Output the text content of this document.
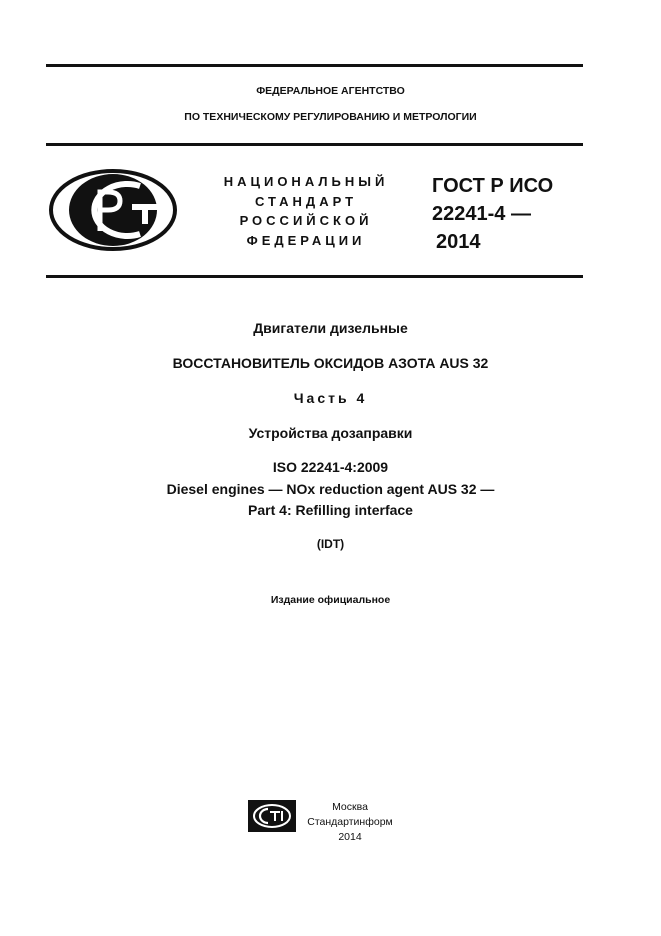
ФЕДЕРАЛЬНОЕ АГЕНТСТВО
ПО ТЕХНИЧЕСКОМУ РЕГУЛИРОВАНИЮ И МЕТРОЛОГИИ
НАЦИОНАЛЬНЫЙ
СТАНДАРТ
РОССИЙСКОЙ
ФЕДЕРАЦИИ
ГОСТ Р ИСО
22241-4 —
2014
Двигатели дизельные
ВОССТАНОВИТЕЛЬ ОКСИДОВ АЗОТА AUS 32
Часть 4
Устройства дозаправки
ISO 22241-4:2009
Diesel engines — NOx reduction agent AUS 32 —
Part 4: Refilling interface
(IDT)
Издание официальное
Москва
Стандартинформ
2014
